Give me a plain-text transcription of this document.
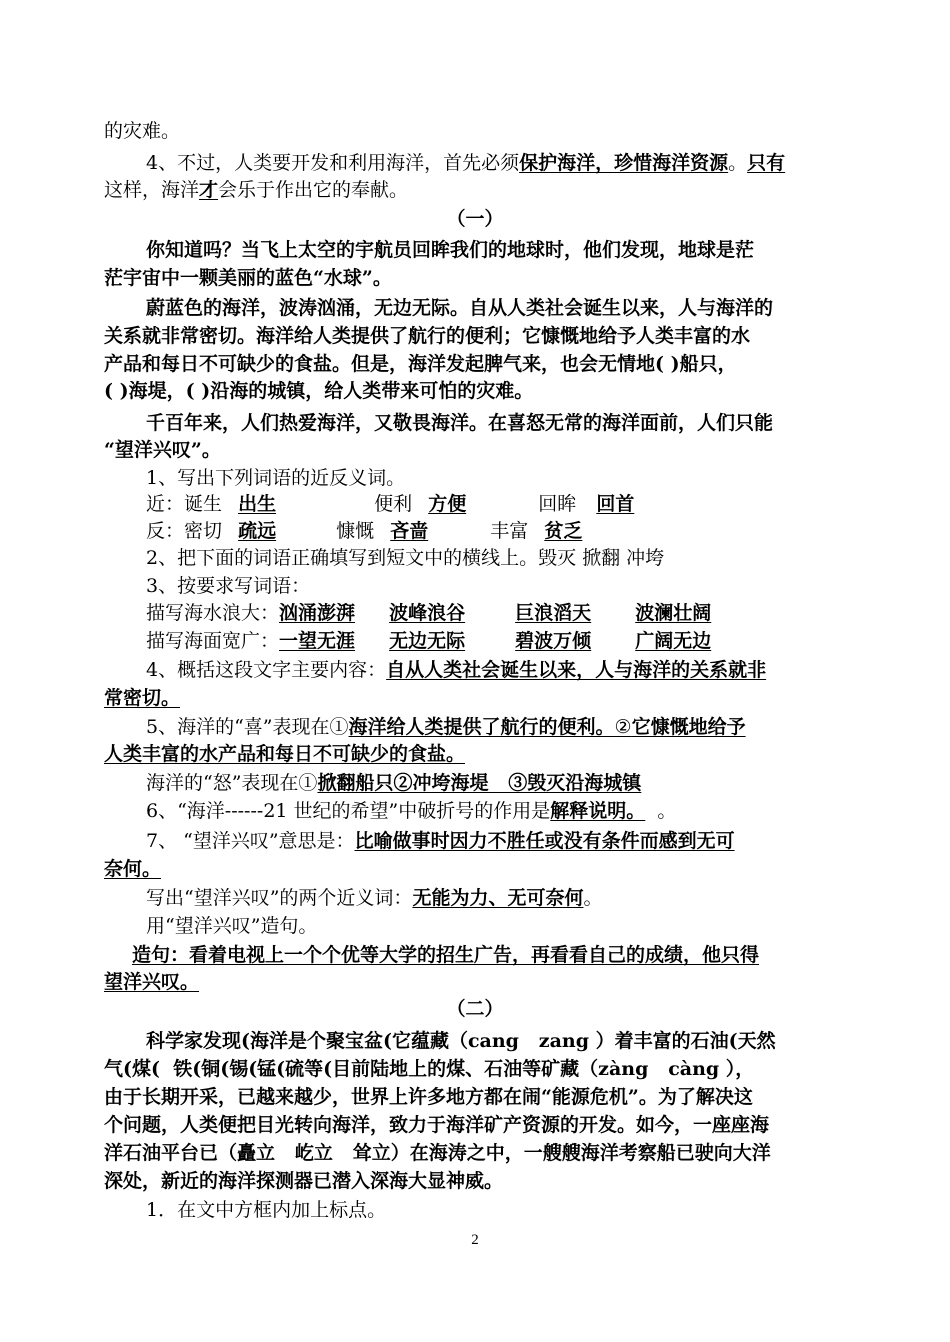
的灾难。
4、不过，人类要开发和利用海洋，首先必须保护海洋，珍惜海洋资源。只有
这样，海洋才会乐于作出它的奉献。
（一）
你知道吗？当飞上太空的宇航员回眸我们的地球时，他们发现，地球是茫
茫宇宙中一颗美丽的蓝色“水球”。
蔚蓝色的海洋，波涛汹涌，无边无际。自从人类社会诞生以来，人与海洋的
关系就非常密切。海洋给人类提供了航行的便利；它慷慨地给予人类丰富的水
产品和每日不可缺少的食盐。但是，海洋发起脾气来，也会无情地( )船只，
( )海堤，( )沿海的城镇，给人类带来可怕的灾难。
千百年来，人们热爱海洋，又敬畏海洋。在喜怒无常的海洋面前，人们只能
“望洋兴叹”。
1、写出下列词语的近反义词。
近：诞生 出生	便利 方便	回眸 回首
反：密切 疏远	慷慨 吝啬	丰富 贫乏
2、把下面的词语正确填写到短文中的横线上。毁灭 掀翻 冲垮
3、按要求写词语：
描写海水浪大：汹涌澎湃 波峰浪谷	巨浪滔天 波澜壮阔
描写海面宽广：一望无涯 无边无际	碧波万倾 广阔无边
4、概括这段文字主要内容：自从人类社会诞生以来，人与海洋的关系就非
常密切。
5、海洋的“喜”表现在①海洋给人类提供了航行的便利。②它慷慨地给予
人类丰富的水产品和每日不可缺少的食盐。
海洋的“怒”表现在①掀翻船只②冲垮海堤   ③毁灭沿海城镇
6、“海洋------21 世纪的希望”中破折号的作用是解释说明。  。
7、 “望洋兴叹”意思是：比喻做事时因力不胜任或没有条件而感到无可
奈何。
写出“望洋兴叹”的两个近义词：无能为力、无可奈何。
用“望洋兴叹”造句。
造句：看着电视上一个个优等大学的招生广告，再看看自己的成绩，他只得
望洋兴叹。
（二）
科学家发现(海洋是个聚宝盆(它蕴藏（cang   zang ）着丰富的石油(天然
气(煤(  铁(铜(锡(锰(硫等(目前陆地上的煤、石油等矿藏（zàng   càng ），
由于长期开采，已越来越少，世界上许多地方都在闹“能源危机”。为了解决这
个问题，人类便把目光转向海洋，致力于海洋矿产资源的开发。如今，一座座海
洋石油平台已（矗立   屹立   耸立）在海涛之中，一艘艘海洋考察船已驶向大洋
深处，新近的海洋探测器已潜入深海大显神威。
1．在文中方框内加上标点。
2
